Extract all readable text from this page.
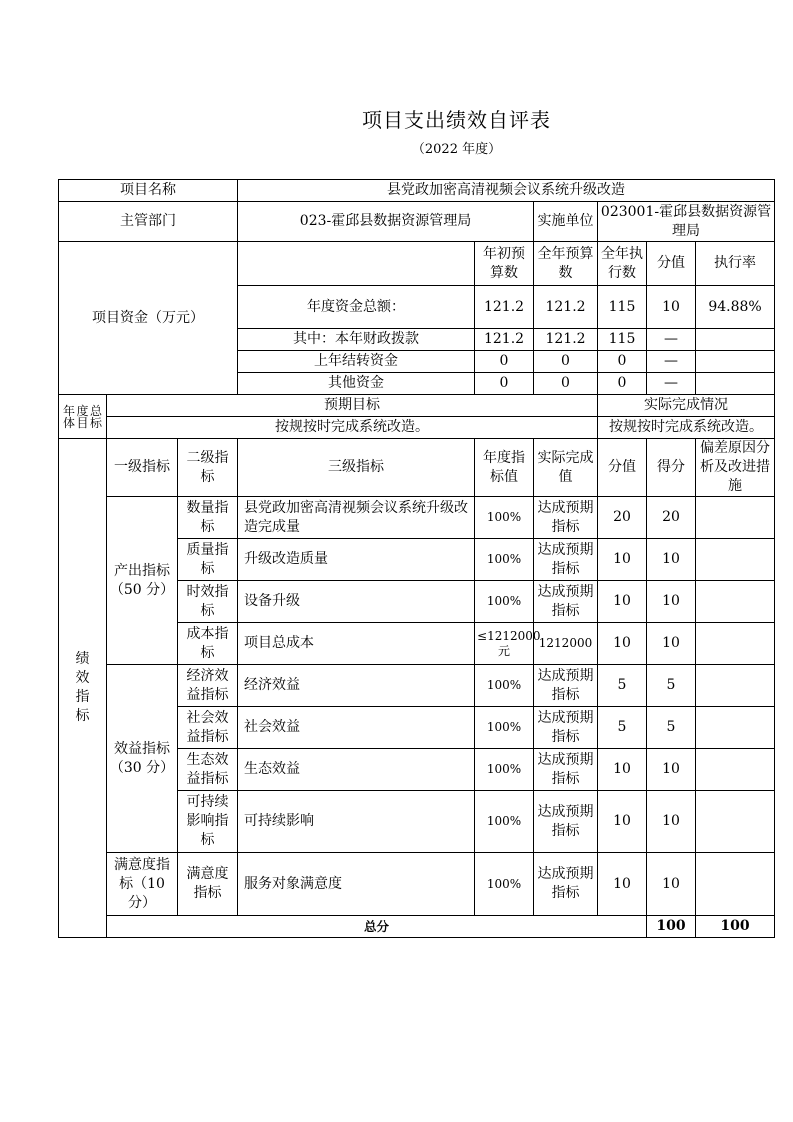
项目支出绩效自评表
（2022 年度）
项目名称			县党政加密高清视频会议系统升级改造						
主管部门			023-霍邱县数据资源管理局		实施单位	023001-霍邱县数据资源管理局			
项目资金（万元）				年初预算数	全年预算数	全年执行数	分值	执行率	
			年度资金总额：	121.2	121.2	115	10	94.88%	
			其中：本年财政拨款	121.2	121.2	115	—		
			上年结转资金	0	0	0	—		
			其他资金	0	0	0	—		
年度总体目标	预期目标					实际完成情况			
	按规按时完成系统改造。					按规按时完成系统改造。			
绩效指标	一级指标	二级指标	三级指标	年度指标值	实际完成值	分值	得分	偏差原因分析及改进措施	
	产出指标（50 分）	数量指标	县党政加密高清视频会议系统升级改造完成量	100%	达成预期指标	20	20		
		质量指标	升级改造质量	100%	达成预期指标	10	10		
		时效指标	设备升级	100%	达成预期指标	10	10		
		成本指标	项目总成本	≤1212000元	1212000	10	10		
	效益指标（30 分）	经济效益指标	经济效益	100%	达成预期指标	5	5		
		社会效益指标	社会效益	100%	达成预期指标	5	5		
		生态效益指标	生态效益	100%	达成预期指标	10	10		
		可持续影响指标	可持续影响	100%	达成预期指标	10	10		
	满意度指标（10 分）	满意度指标	服务对象满意度	100%	达成预期指标	10	10		
	总分						100	100	
